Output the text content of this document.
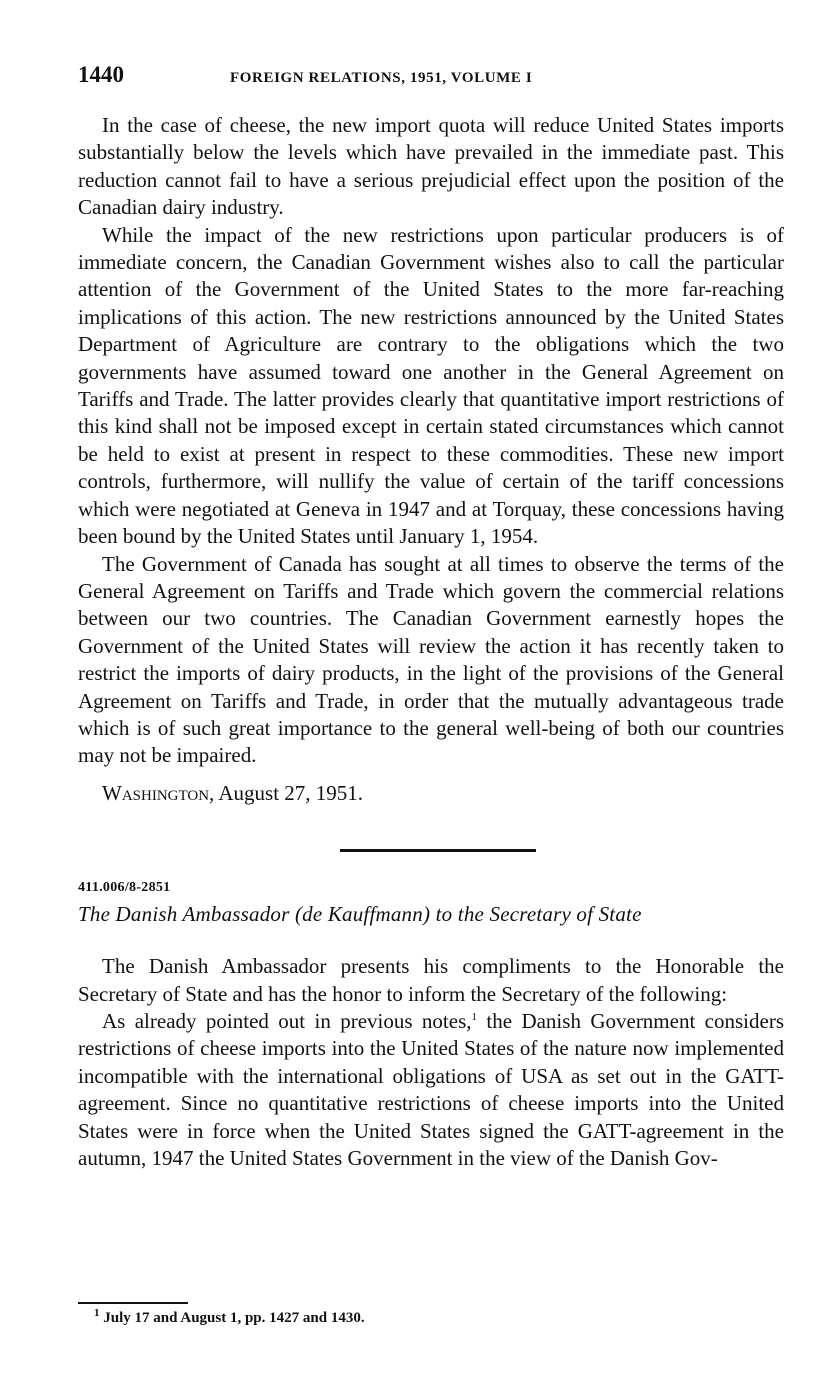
1440	FOREIGN RELATIONS, 1951, VOLUME I

In the case of cheese, the new import quota will reduce United States imports substantially below the levels which have prevailed in the immediate past. This reduction cannot fail to have a serious prejudicial effect upon the position of the Canadian dairy industry.

While the impact of the new restrictions upon particular producers is of immediate concern, the Canadian Government wishes also to call the particular attention of the Government of the United States to the more far-reaching implications of this action. The new restrictions announced by the United States Department of Agriculture are contrary to the obligations which the two governments have assumed toward one another in the General Agreement on Tariffs and Trade. The latter provides clearly that quantitative import restrictions of this kind shall not be imposed except in certain stated circumstances which cannot be held to exist at present in respect to these commodities. These new import controls, furthermore, will nullify the value of certain of the tariff concessions which were negotiated at Geneva in 1947 and at Torquay, these concessions having been bound by the United States until January 1, 1954.

The Government of Canada has sought at all times to observe the terms of the General Agreement on Tariffs and Trade which govern the commercial relations between our two countries. The Canadian Government earnestly hopes the Government of the United States will review the action it has recently taken to restrict the imports of dairy products, in the light of the provisions of the General Agreement on Tariffs and Trade, in order that the mutually advantageous trade which is of such great importance to the general well-being of both our countries may not be impaired.

Washington, August 27, 1951.

411.006/8-2851
The Danish Ambassador (de Kauffmann) to the Secretary of State

The Danish Ambassador presents his compliments to the Honorable the Secretary of State and has the honor to inform the Secretary of the following:

As already pointed out in previous notes,$^1$ the Danish Government considers restrictions of cheese imports into the United States of the nature now implemented incompatible with the international obligations of USA as set out in the GATT-agreement. Since no quantitative restrictions of cheese imports into the United States were in force when the United States signed the GATT-agreement in the autumn, 1947 the United States Government in the view of the Danish Gov-

$^1$ July 17 and August 1, pp. 1427 and 1430.
